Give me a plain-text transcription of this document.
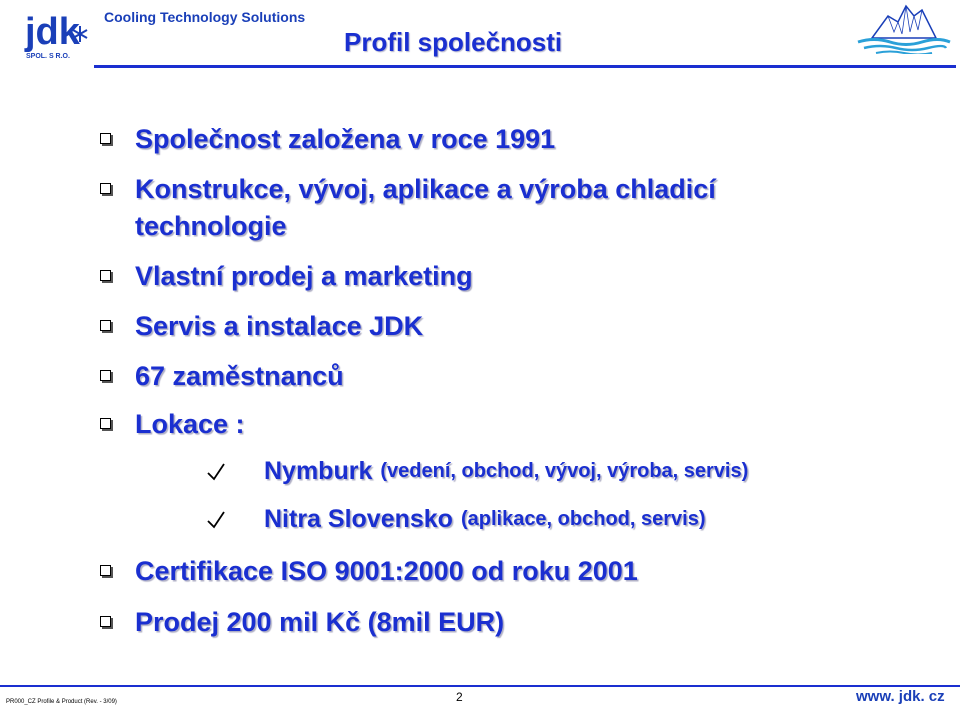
jdk
SPOL. S R.O.
Cooling Technology Solutions
Profil společnosti
Společnost založena v roce 1991
Konstrukce, vývoj, aplikace a výroba chladicí technologie
Vlastní prodej a marketing
Servis a instalace JDK
67 zaměstnanců
Lokace :
Nymburk (vedení, obchod, vývoj, výroba, servis)
Nitra Slovensko (aplikace, obchod, servis)
Certifikace ISO 9001:2000 od roku 2001
Prodej 200 mil Kč (8mil EUR)
PR000_CZ Profile & Product (Rev. - 3/09)	2	www. jdk. cz
